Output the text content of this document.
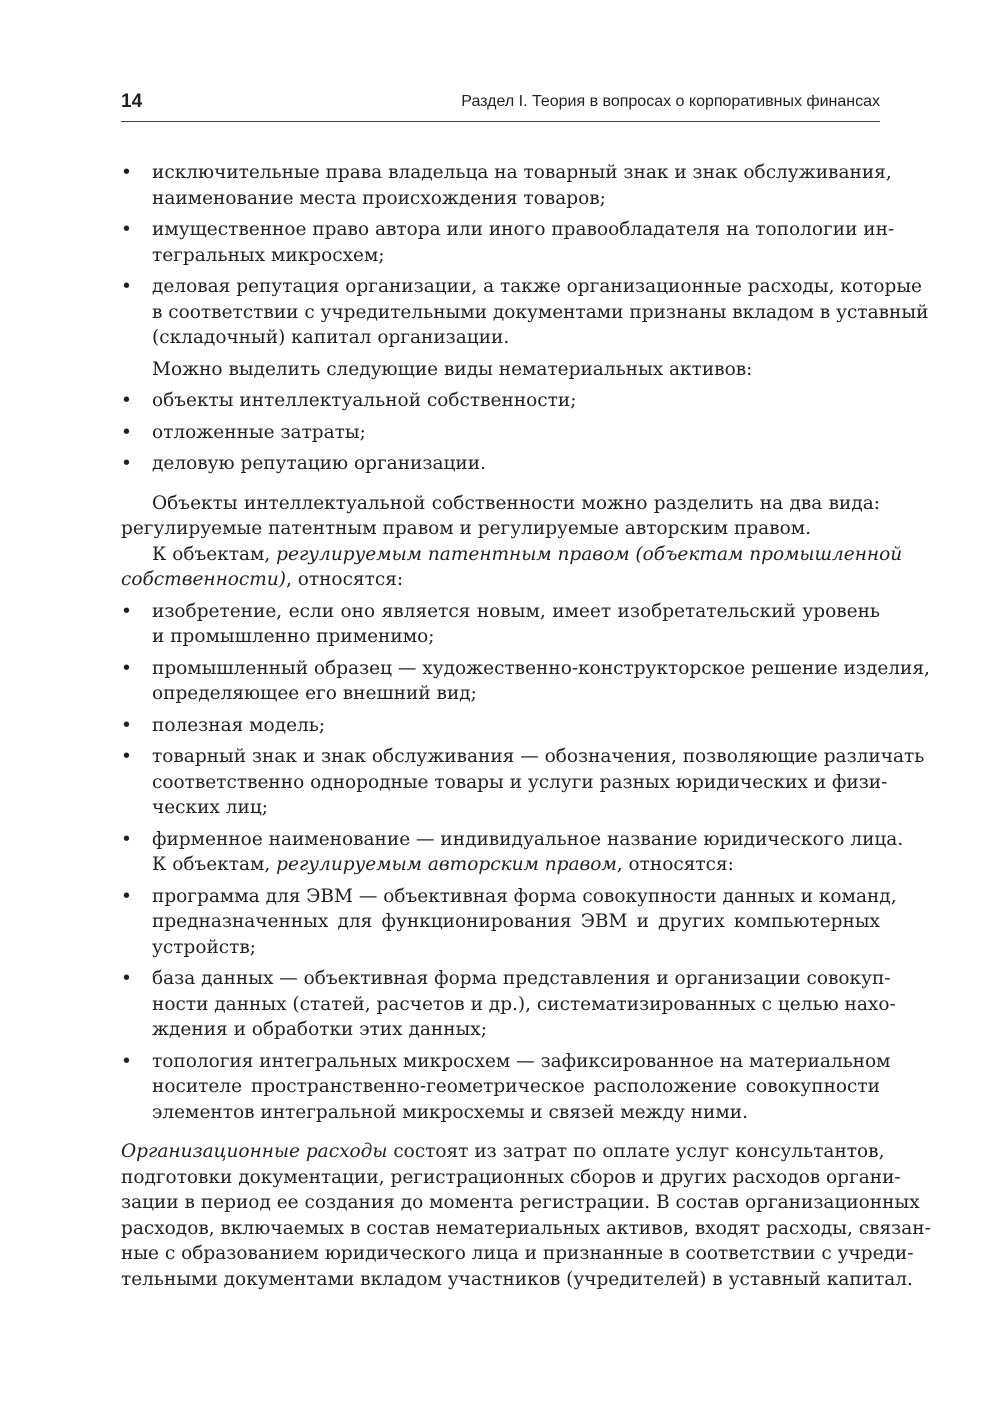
14	Раздел I. Теория в вопросах о корпоративных финансах
• исключительные права владельца на товарный знак и знак обслуживания,
наименование места происхождения товаров;
• имущественное право автора или иного правообладателя на топологии ин-
тегральных микросхем;
• деловая репутация организации, а также организационные расходы, которые
в соответствии с учредительными документами признаны вкладом в уставный
(складочный) капитал организации.
Можно выделить следующие виды нематериальных активов:
• объекты интеллектуальной собственности;
• отложенные затраты;
• деловую репутацию организации.
Объекты интеллектуальной собственности можно разделить на два вида:
регулируемые патентным правом и регулируемые авторским правом.
К объектам, регулируемым патентным правом (объектам промышленной
собственности), относятся:
• изобретение, если оно является новым, имеет изобретательский уровень
и промышленно применимо;
• промышленный образец — художественно-конструкторское решение изделия,
определяющее его внешний вид;
• полезная модель;
• товарный знак и знак обслуживания — обозначения, позволяющие различать
соответственно однородные товары и услуги разных юридических и физи-
ческих лиц;
• фирменное наименование — индивидуальное название юридического лица.
К объектам, регулируемым авторским правом, относятся:
• программа для ЭВМ — объективная форма совокупности данных и команд,
предназначенных для функционирования ЭВМ и других компьютерных
устройств;
• база данных — объективная форма представления и организации совокуп-
ности данных (статей, расчетов и др.), систематизированных с целью нахо-
ждения и обработки этих данных;
• топология интегральных микросхем — зафиксированное на материальном
носителе пространственно-геометрическое расположение совокупности
элементов интегральной микросхемы и связей между ними.
Организационные расходы состоят из затрат по оплате услуг консультантов,
подготовки документации, регистрационных сборов и других расходов органи-
зации в период ее создания до момента регистрации. В состав организационных
расходов, включаемых в состав нематериальных активов, входят расходы, связан-
ные с образованием юридического лица и признанные в соответствии с учреди-
тельными документами вкладом участников (учредителей) в уставный капитал.
